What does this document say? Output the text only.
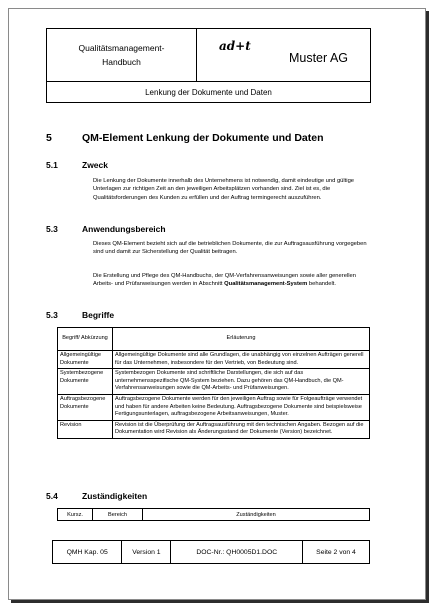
Qualitätsmanagement-
Handbuch

ad+t
Muster AG

Lenkung der Dokumente und Daten
5	QM-Element Lenkung der Dokumente und Daten
5.1	Zweck
Die Lenkung der Dokumente innerhalb des Unternehmens ist notwendig, damit eindeutige und gültige Unterlagen zur richtigen Zeit an den jeweiligen Arbeitsplätzen vorhanden sind. Ziel ist es, die Qualitätsforderungen des Kunden zu erfüllen und der Auftrag termingerecht auszuführen.
5.3	Anwendungsbereich
Dieses QM-Element bezieht sich auf die betrieblichen Dokumente, die zur Auftragsausführung vorgegeben sind und damit zur Sicherstellung der Qualität beitragen.
Die Erstellung und Pflege des QM-Handbuchs, der QM-Verfahrensanweisungen sowie aller generellen Arbeits- und Prüfanweisungen werden in Abschnitt Qualitätsmanagement-System behandelt.
5.3	Begriffe
Begriff/ Abkürzung	Erläuterung
Allgemeingültige Dokumente	Allgemeingültige Dokumente sind alle Grundlagen, die unabhängig von einzelnen Aufträgen generell für das Unternehmen, insbesondere für den Vertrieb, von Bedeutung sind.
Systembezogene Dokumente	Systembezogen Dokumente sind schriftliche Darstellungen, die sich auf das unternehmensspezifische QM-System beziehen. Dazu gehören das QM-Handbuch, die QM-Verfahrensanweisungen sowie die QM-Arbeits- und Prüfanweisungen.
Auftragsbezogene Dokumente	Auftragsbezogene Dokumente werden für den jeweiligen Auftrag sowie für Folgeaufträge verwendet und haben für andere Arbeiten keine Bedeutung. Auftragsbezogene Dokumente sind beispielsweise Fertigungsunterlagen, auftragsbezogene Arbeitsanweisungen, Muster.
Revision	Revision ist die Überprüfung der Auftragsausführung mit den technischen Angaben. Bezogen auf die Dokumentation wird Revision als Änderungsstand der Dokumente (Version) bezeichnet.
5.4	Zuständigkeiten
Kursz.	Bereich	Zuständigkeiten
QMH Kap. 05	Version 1	DOC-Nr.: QH0005D1.DOC	Seite 2 von 4
